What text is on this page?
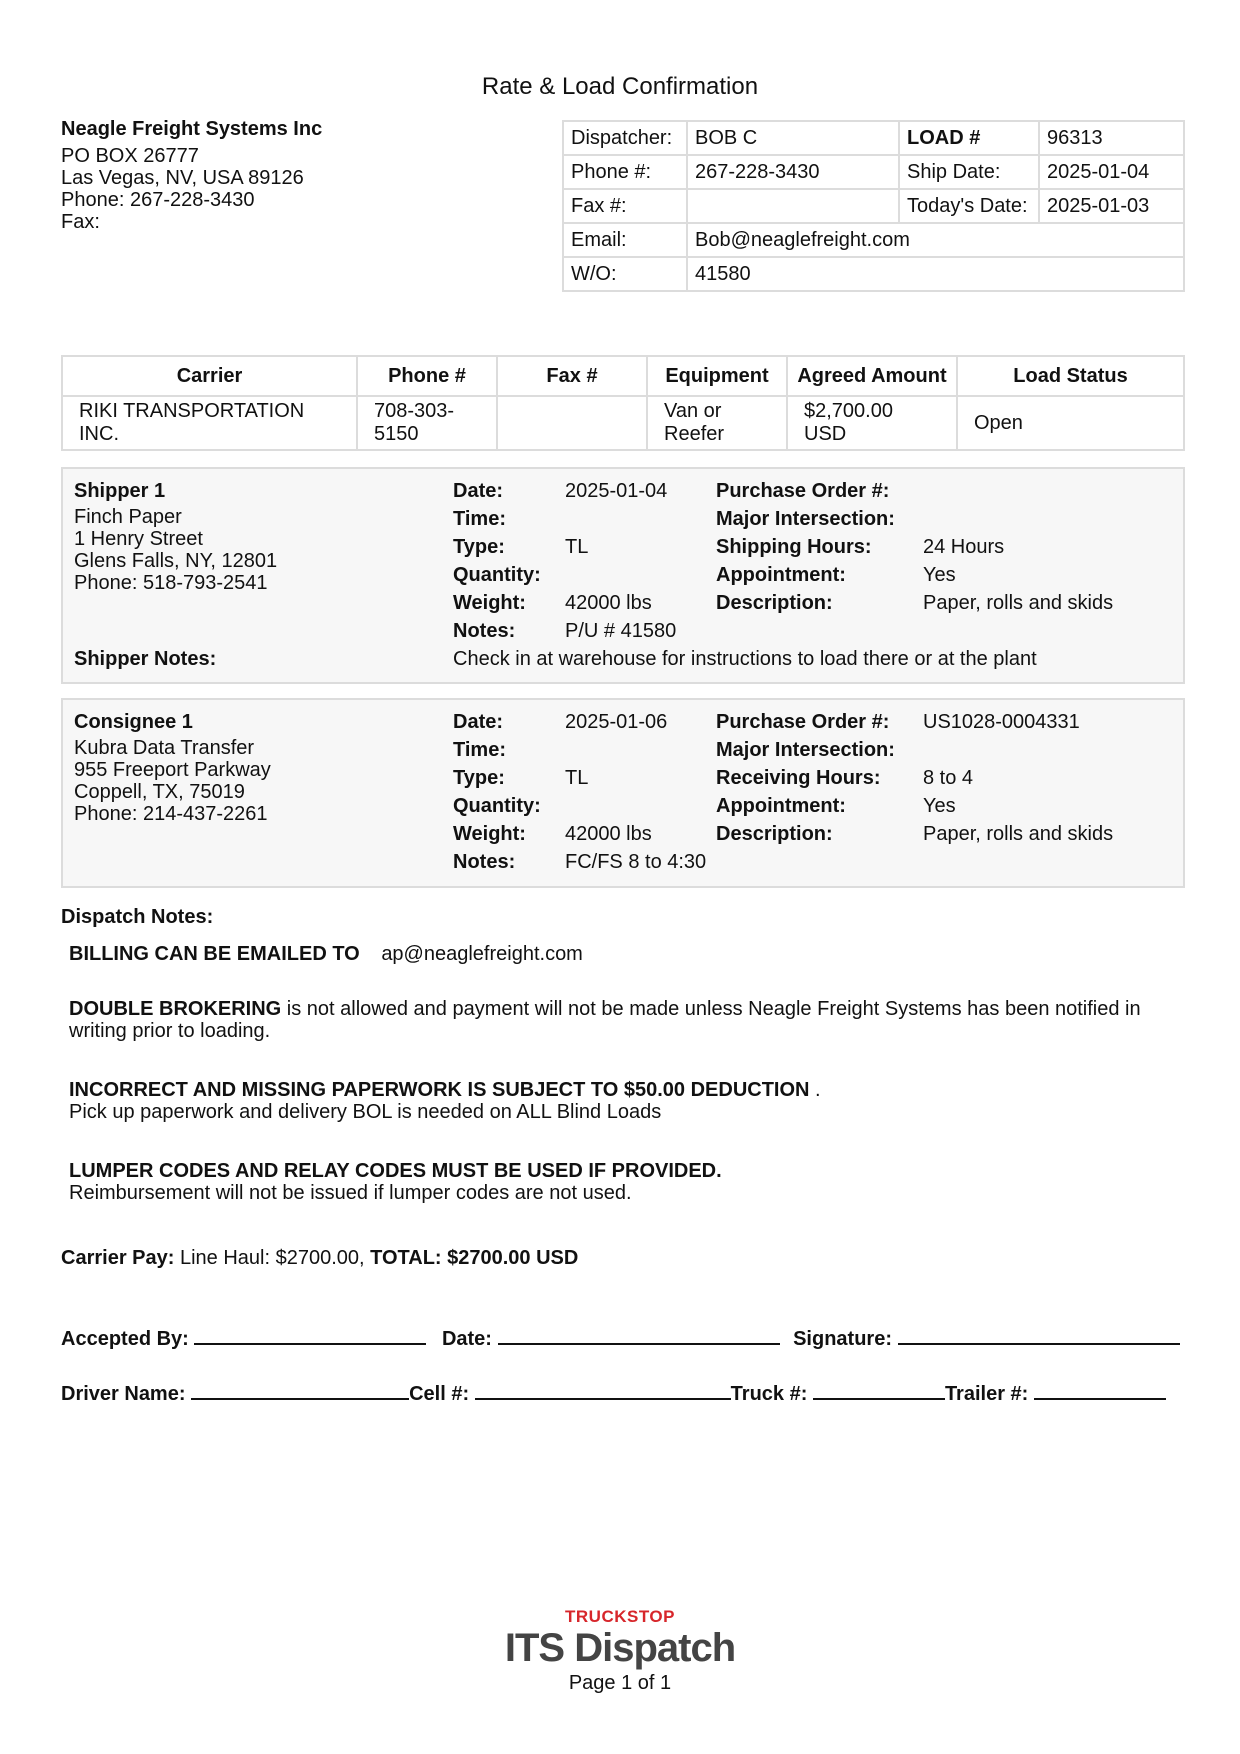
Rate & Load Confirmation
Neagle Freight Systems Inc
PO BOX 26777
Las Vegas, NV, USA 89126
Phone: 267-228-3430
Fax:
Dispatcher:	BOB C	LOAD #	96313
Phone #:	267-228-3430	Ship Date:	2025-01-04
Fax #:		Today's Date:	2025-01-03
Email:	Bob@neaglefreight.com		
W/O:	41580		
Carrier	Phone #	Fax #	Equipment	Agreed Amount	Load Status
RIKI TRANSPORTATION INC.	708-303-5150		Van or Reefer	$2,700.00 USD	Open
Shipper 1
Finch Paper
1 Henry Street
Glens Falls, NY, 12801
Phone: 518-793-2541
Date:	2025-01-04
Time:
Type:	TL
Quantity:
Weight: 42000 lbs
Notes: P/U # 41580
Purchase Order #:
Major Intersection:
Shipping Hours:	24 Hours
Appointment:	Yes
Description:	Paper, rolls and skids
Shipper Notes:	Check in at warehouse for instructions to load there or at the plant
Consignee 1
Kubra Data Transfer
955 Freeport Parkway
Coppell, TX, 75019
Phone: 214-437-2261
Date:	2025-01-06
Time:
Type:	TL
Quantity:
Weight: 42000 lbs
Notes: FC/FS 8 to 4:30
Purchase Order #: US1028-0004331
Major Intersection:
Receiving Hours: 8 to 4
Appointment:	Yes
Description:	Paper, rolls and skids
Dispatch Notes:
BILLING CAN BE EMAILED TO ap@neaglefreight.com
DOUBLE BROKERING is not allowed and payment will not be made unless Neagle Freight Systems has been notified in writing prior to loading.
INCORRECT AND MISSING PAPERWORK IS SUBJECT TO $50.00 DEDUCTION .
Pick up paperwork and delivery BOL is needed on ALL Blind Loads
LUMPER CODES AND RELAY CODES MUST BE USED IF PROVIDED.
Reimbursement will not be issued if lumper codes are not used.
Carrier Pay: Line Haul: $2700.00, TOTAL: $2700.00 USD
Accepted By:	Date:	Signature:
Driver Name:	Cell #:	Truck #:	Trailer #:
TRUCKSTOP
ITS Dispatch
Page 1 of 1
